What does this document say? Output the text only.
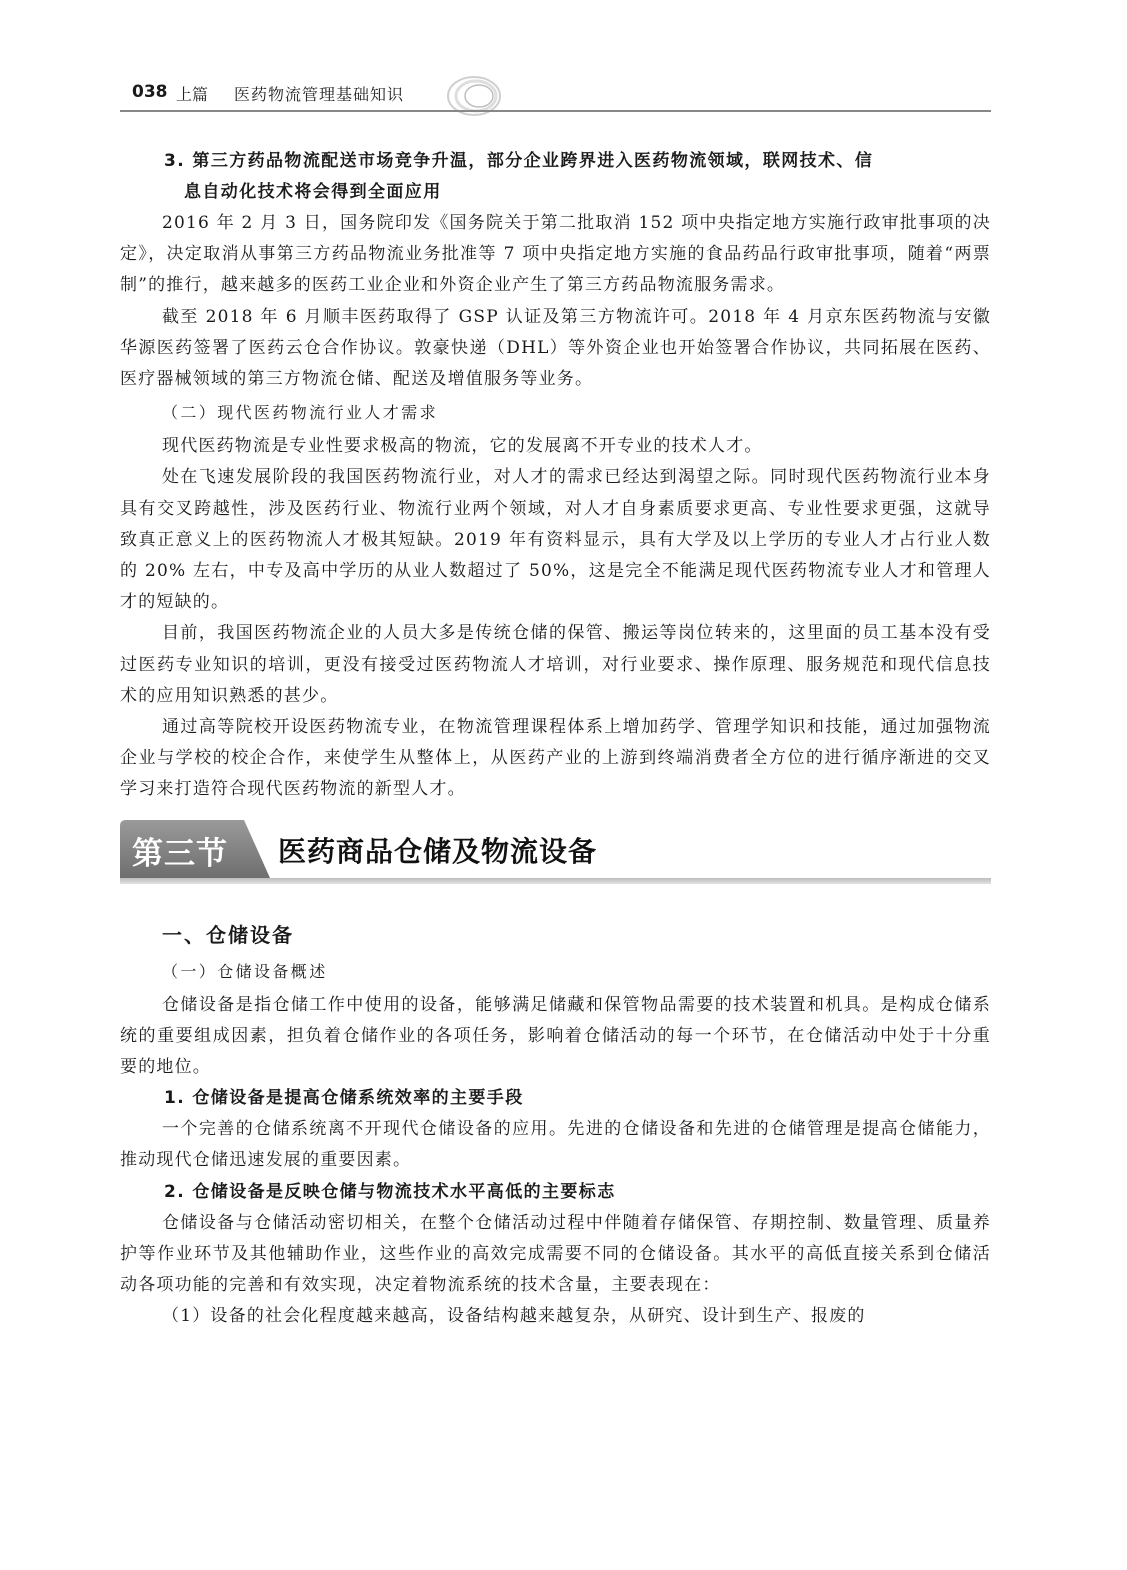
038 上篇 医药物流管理基础知识
3. 第三方药品物流配送市场竞争升温，部分企业跨界进入医药物流领域，联网技术、信
息自动化技术将会得到全面应用

2016 年 2 月 3 日，国务院印发《国务院关于第二批取消 152 项中央指定地方实施行政审批事项的决定》，决定取消从事第三方药品物流业务批准等 7 项中央指定地方实施的食品药品行政审批事项，随着“两票制”的推行，越来越多的医药工业企业和外资企业产生了第三方药品物流服务需求。

截至 2018 年 6 月顺丰医药取得了 GSP 认证及第三方物流许可。2018 年 4 月京东医药物流与安徽华源医药签署了医药云仓合作协议。敦豪快递（DHL）等外资企业也开始签署合作协议，共同拓展在医药、医疗器械领域的第三方物流仓储、配送及增值服务等业务。

（二）现代医药物流行业人才需求

现代医药物流是专业性要求极高的物流，它的发展离不开专业的技术人才。

处在飞速发展阶段的我国医药物流行业，对人才的需求已经达到渴望之际。同时现代医药物流行业本身具有交叉跨越性，涉及医药行业、物流行业两个领域，对人才自身素质要求更高、专业性要求更强，这就导致真正意义上的医药物流人才极其短缺。2019 年有资料显示，具有大学及以上学历的专业人才占行业人数的 20% 左右，中专及高中学历的从业人数超过了 50%，这是完全不能满足现代医药物流专业人才和管理人才的短缺的。

目前，我国医药物流企业的人员大多是传统仓储的保管、搬运等岗位转来的，这里面的员工基本没有受过医药专业知识的培训，更没有接受过医药物流人才培训，对行业要求、操作原理、服务规范和现代信息技术的应用知识熟悉的甚少。

通过高等院校开设医药物流专业，在物流管理课程体系上增加药学、管理学知识和技能，通过加强物流企业与学校的校企合作，来使学生从整体上，从医药产业的上游到终端消费者全方位的进行循序渐进的交叉学习来打造符合现代医药物流的新型人才。

第三节 医药商品仓储及物流设备
一、仓储设备
（一）仓储设备概述

仓储设备是指仓储工作中使用的设备，能够满足储藏和保管物品需要的技术装置和机具。是构成仓储系统的重要组成因素，担负着仓储作业的各项任务，影响着仓储活动的每一个环节，在仓储活动中处于十分重要的地位。

1. 仓储设备是提高仓储系统效率的主要手段

一个完善的仓储系统离不开现代仓储设备的应用。先进的仓储设备和先进的仓储管理是提高仓储能力，推动现代仓储迅速发展的重要因素。

2. 仓储设备是反映仓储与物流技术水平高低的主要标志

仓储设备与仓储活动密切相关，在整个仓储活动过程中伴随着存储保管、存期控制、数量管理、质量养护等作业环节及其他辅助作业，这些作业的高效完成需要不同的仓储设备。其水平的高低直接关系到仓储活动各项功能的完善和有效实现，决定着物流系统的技术含量，主要表现在：

（1）设备的社会化程度越来越高，设备结构越来越复杂，从研究、设计到生产、报废的
